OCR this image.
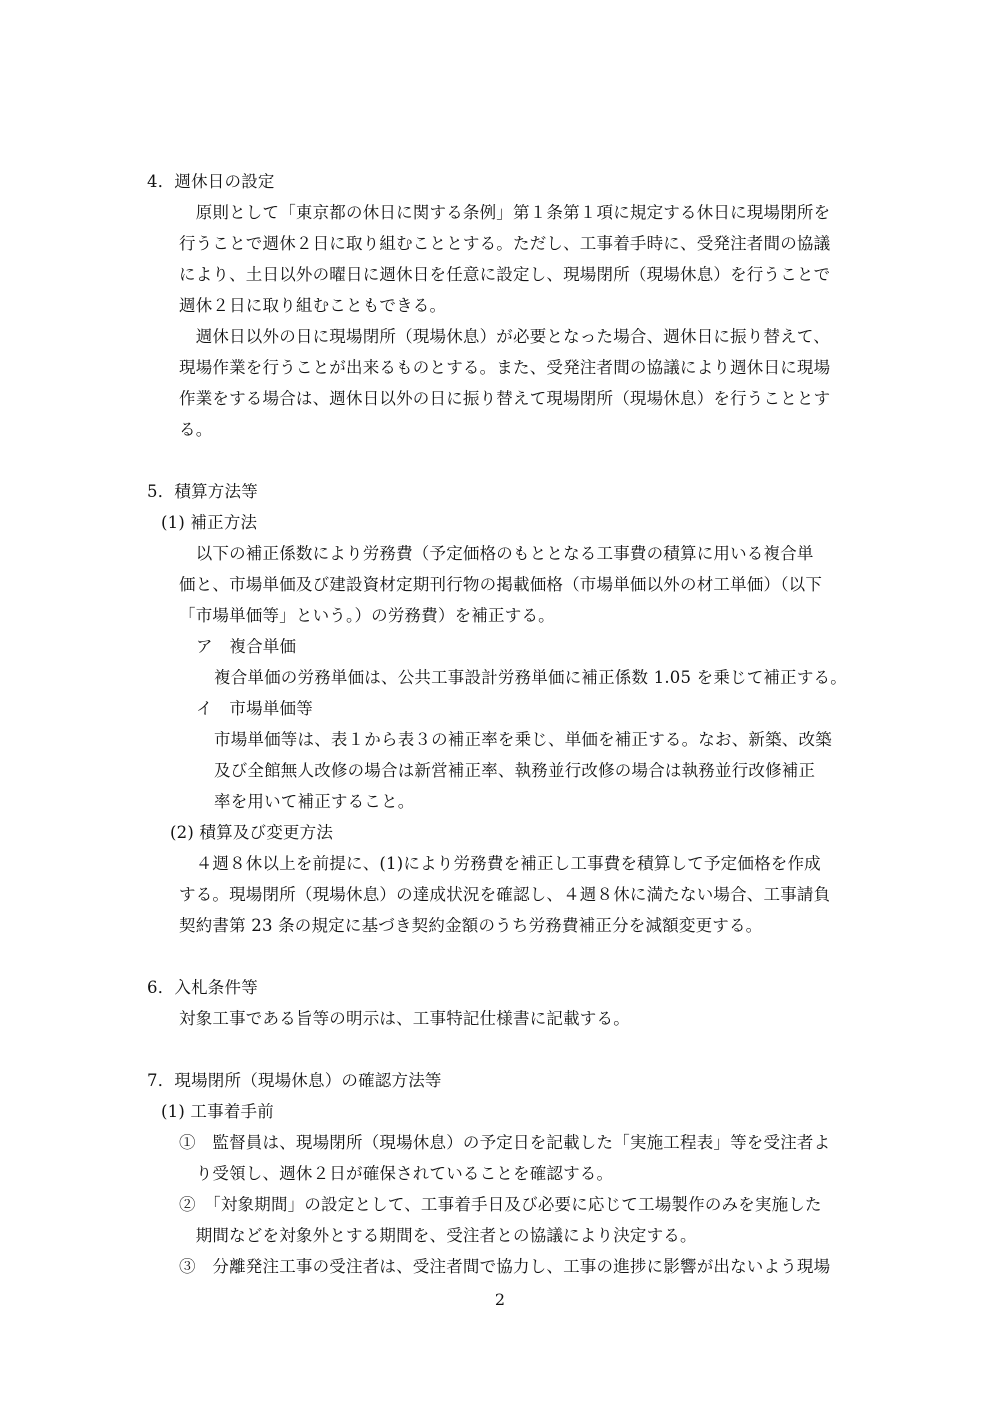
4．週休日の設定
　原則として「東京都の休日に関する条例」第１条第１項に規定する休日に現場閉所を
行うことで週休２日に取り組むこととする。ただし、工事着手時に、受発注者間の協議
により、土日以外の曜日に週休日を任意に設定し、現場閉所（現場休息）を行うことで
週休２日に取り組むこともできる。
　週休日以外の日に現場閉所（現場休息）が必要となった場合、週休日に振り替えて、
現場作業を行うことが出来るものとする。また、受発注者間の協議により週休日に現場
作業をする場合は、週休日以外の日に振り替えて現場閉所（現場休息）を行うこととす
る。
5．積算方法等
(1) 補正方法
　以下の補正係数により労務費（予定価格のもととなる工事費の積算に用いる複合単
価と、市場単価及び建設資材定期刊行物の掲載価格（市場単価以外の材工単価）（以下
「市場単価等」という。）の労務費）を補正する。
ア　複合単価
複合単価の労務単価は、公共工事設計労務単価に補正係数 1.05 を乗じて補正する。
イ　市場単価等
市場単価等は、表１から表３の補正率を乗じ、単価を補正する。なお、新築、改築
及び全館無人改修の場合は新営補正率、執務並行改修の場合は執務並行改修補正
率を用いて補正すること。
(2) 積算及び変更方法
　４週８休以上を前提に、(1)により労務費を補正し工事費を積算して予定価格を作成
する。現場閉所（現場休息）の達成状況を確認し、４週８休に満たない場合、工事請負
契約書第 23 条の規定に基づき契約金額のうち労務費補正分を減額変更する。
6．入札条件等
対象工事である旨等の明示は、工事特記仕様書に記載する。
7．現場閉所（現場休息）の確認方法等
(1) 工事着手前
①　監督員は、現場閉所（現場休息）の予定日を記載した「実施工程表」等を受注者よ
　り受領し、週休２日が確保されていることを確認する。
②　「対象期間」の設定として、工事着手日及び必要に応じて工場製作のみを実施した
　期間などを対象外とする期間を、受注者との協議により決定する。
③　分離発注工事の受注者は、受注者間で協力し、工事の進捗に影響が出ないよう現場
2
